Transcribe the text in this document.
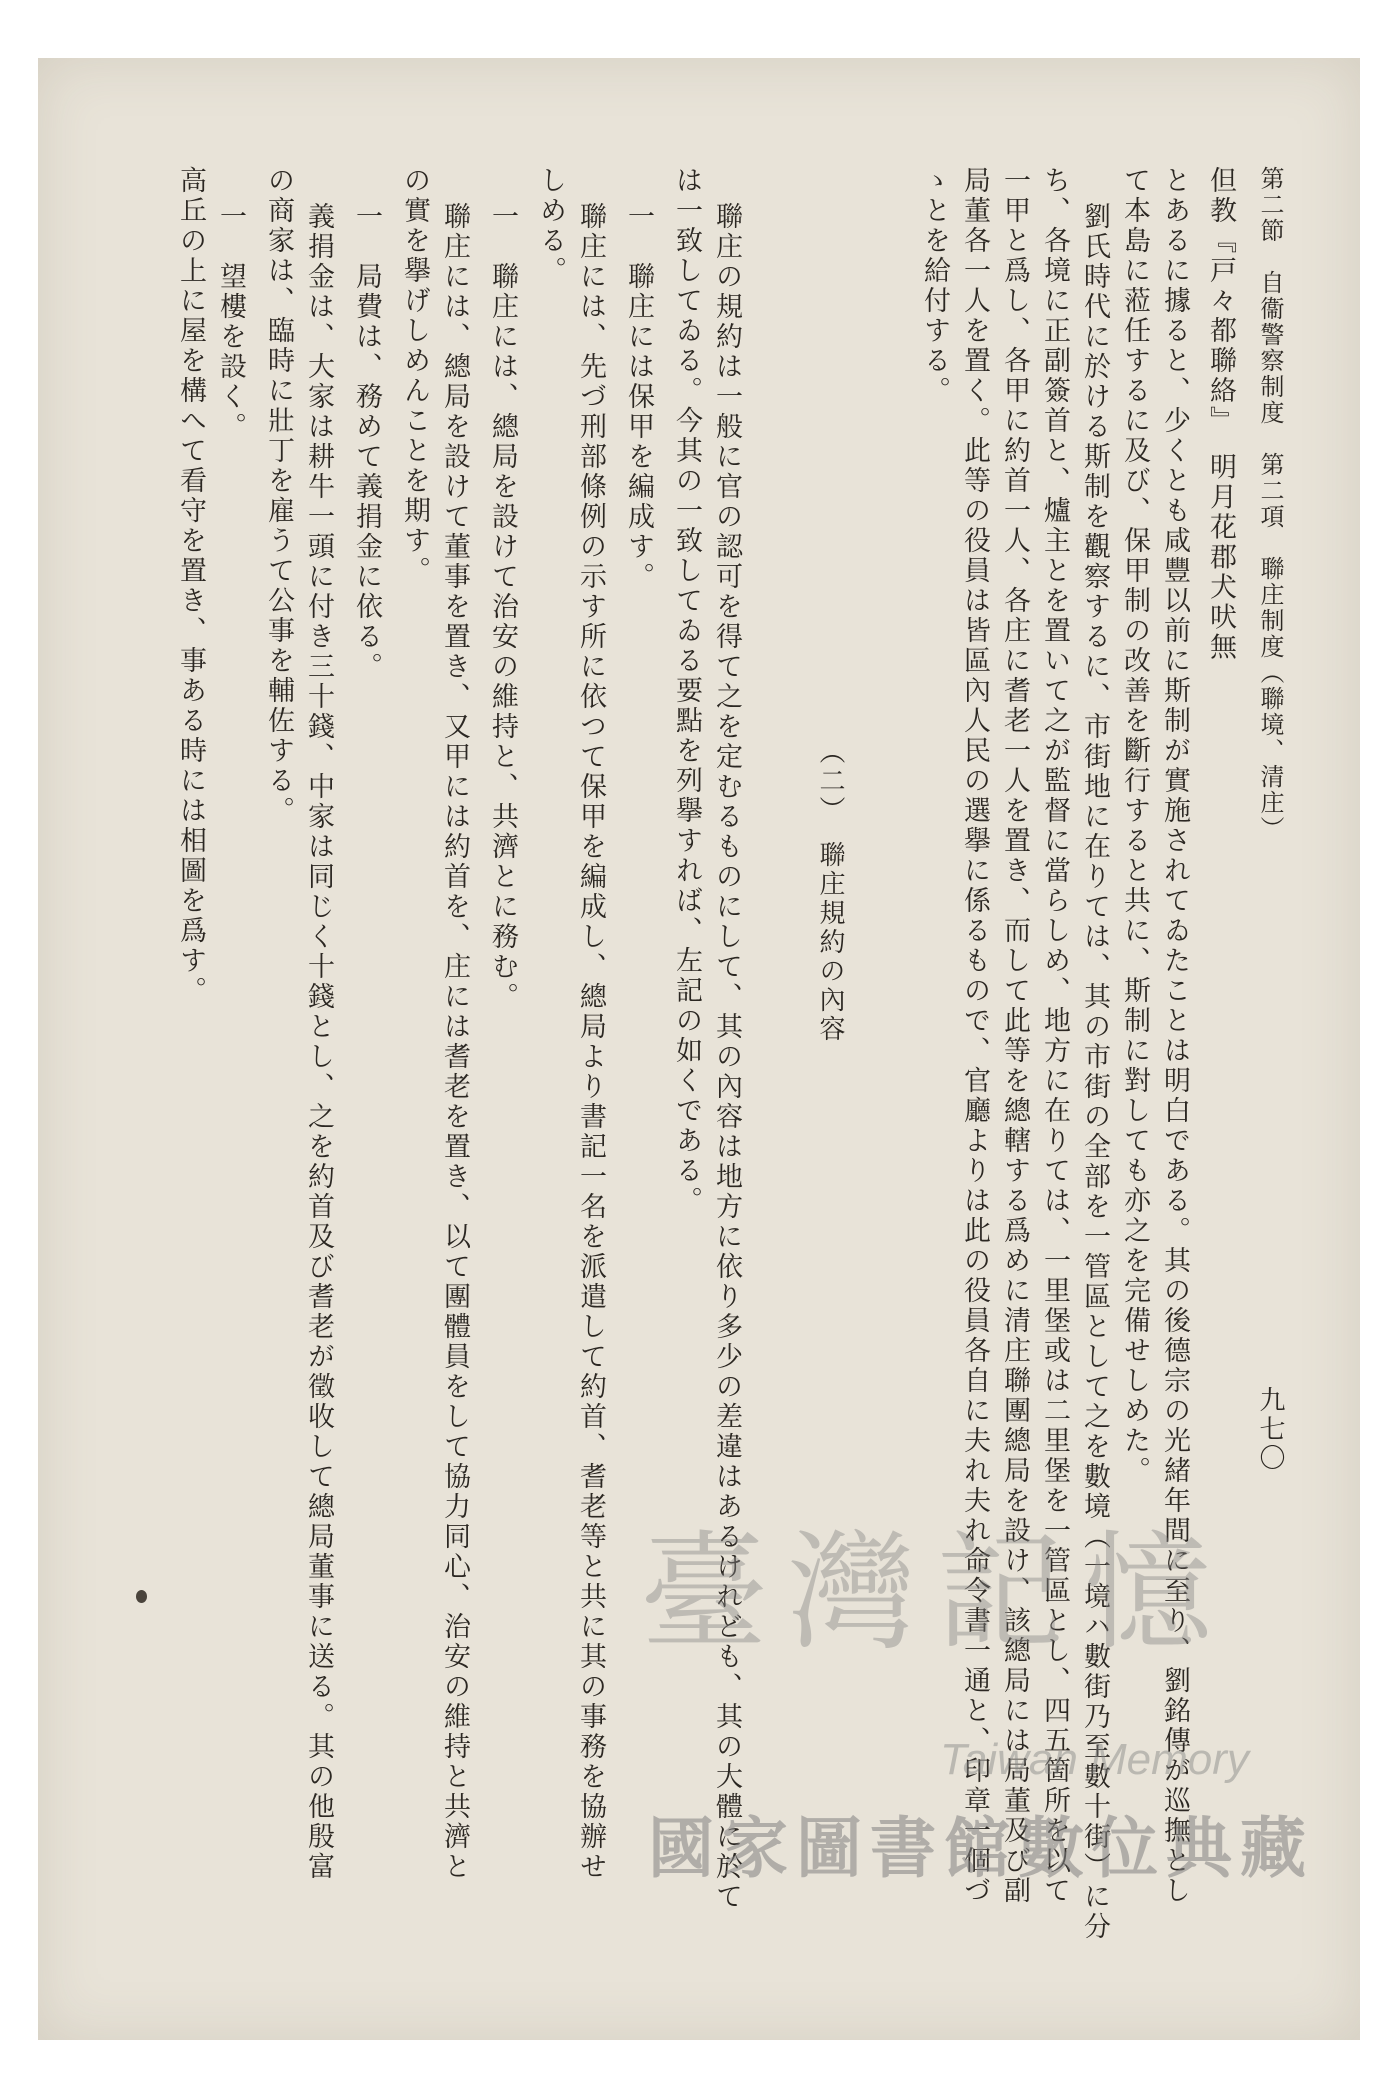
第二節　自衞警察制度　第二項　聯庄制度（聯境、清庄）
九七〇
但教『戸々都聯絡』　明月花郡犬吠無
とあるに據ると、少くとも咸豐以前に斯制が實施されてゐたことは明白である。其の後德宗の光緒年間に至り、劉銘傳が巡撫とし
て本島に蒞任するに及び、保甲制の改善を斷行すると共に、斯制に對しても亦之を完備せしめた。
劉氏時代に於ける斯制を觀察するに、市街地に在りては、其の市街の全部を一管區として之を數境（一境ハ數街乃至數十街）に分
ち、各境に正副簽首と、爐主とを置いて之が監督に當らしめ、地方に在りては、一里堡或は二里堡を一管區とし、四五箇所を以て
一甲と爲し、各甲に約首一人、各庄に耆老一人を置き、而して此等を總轄する爲めに清庄聯團總局を設け、該總局には局董及び副
局董各一人を置く。此等の役員は皆區內人民の選擧に係るもので、官廳よりは此の役員各自に夫れ夫れ命令書一通と、印章一個づ
ゝとを給付する。
（二）　聯庄規約の內容
聯庄の規約は一般に官の認可を得て之を定むるものにして、其の內容は地方に依り多少の差違はあるけれども、其の大體に於て
は一致してゐる。今其の一致してゐる要點を列擧すれば、左記の如くである。
一　聯庄には保甲を編成す。
聯庄には、先づ刑部條例の示す所に依つて保甲を編成し、總局より書記一名を派遣して約首、耆老等と共に其の事務を協辦せ
しめる。
一　聯庄には、總局を設けて治安の維持と、共濟とに務む。
聯庄には、總局を設けて董事を置き、又甲には約首を、庄には耆老を置き、以て團體員をして協力同心、治安の維持と共濟と
の實を擧げしめんことを期す。
一　局費は、務めて義捐金に依る。
義捐金は、大家は耕牛一頭に付き三十錢、中家は同じく十錢とし、之を約首及び耆老が徵收して總局董事に送る。其の他殷富
の商家は、臨時に壯丁を雇うて公事を輔佐する。
一　望樓を設く。
高丘の上に屋を構へて看守を置き、事ある時には相圖を爲す。
臺灣記憶
Taiwan Memory
國家圖書館數位典藏
